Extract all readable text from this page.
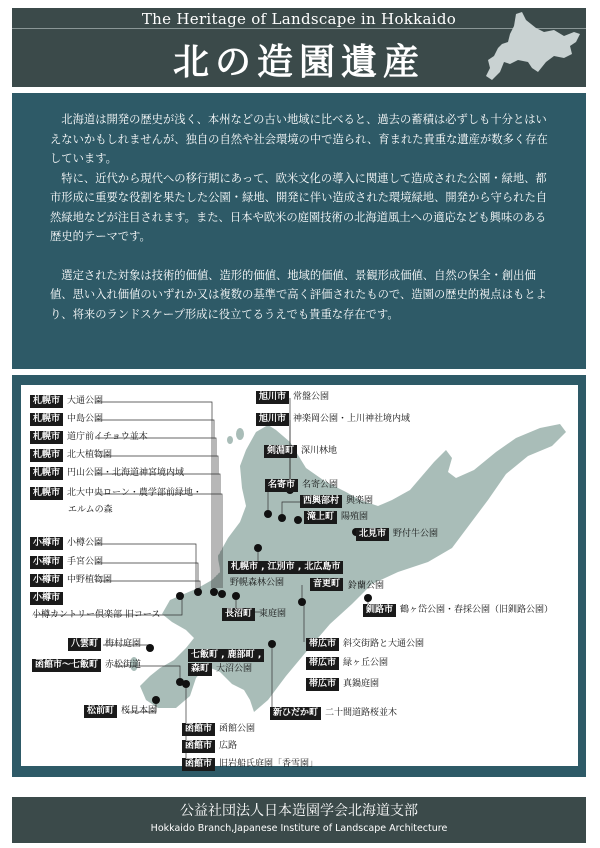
The Heritage of Landscape in Hokkaido
北の造園遺産

北海道は開発の歴史が浅く、本州などの古い地域に比べると、過去の蓄積は必ずしも十分とはいえないかもしれませんが、独自の自然や社会環境の中で造られ、育まれた貴重な遺産が数多く存在しています。

特に、近代から現代への移行期にあって、欧米文化の導入に関連して造成された公園・緑地、都市形成に重要な役割を果たした公園・緑地、開発に伴い造成された環境緑地、開発から守られた自然緑地などが注目されます。また、日本や欧米の庭園技術の北海道風土への適応なども興味のある歴史的テーマです。

選定された対象は技術的価値、造形的価値、地域的価値、景観形成価値、自然の保全・創出価値、思い入れ価値のいずれか又は複数の基準で高く評価されたもので、造園の歴史的視点はもとより、将来のランドスケープ形成に役立てるうえでも貴重な存在です。

札幌市 大通公園
札幌市 中島公園
札幌市 道庁前イチョウ並木
札幌市 北大植物園
札幌市 円山公園・北海道神宮境内域
札幌市 北大中央ローン・農学部前緑地・
エルムの森
小樽市 小樽公園
小樽市 手宮公園
小樽市 中野植物園
小樽市
小樽カントリー倶楽部 旧コース
八雲町 梅村庭園
函館市〜七飯町 赤松街道
松前町 桜見本園
旭川市 常盤公園
旭川市 神楽岡公園・上川神社境内域
剣淵町 深川林地
名寄市 名寄公園
西興部村 興楽園
滝上町 陽殖園
北見市 野付牛公園
札幌市 , 江別市 , 北広島市
野幌森林公園	音更町 鈴蘭公園
長沼町 東庭園	釧路市 鶴ヶ岱公園・春採公園（旧釧路公園）
帯広市 緑ヶ丘公園
帯広市 斜交街路と大通公園
帯広市 真鍋庭園
七飯町 , 鹿部町 ,
森町 大沼公園
新ひだか町 二十間道路桜並木
函館市 函館公園
函館市 広路
函館市 旧岩船氏庭園「香雪園」
公益社団法人日本造園学会北海道支部
Hokkaido Branch,Japanese Institure of Landscape Architecture
